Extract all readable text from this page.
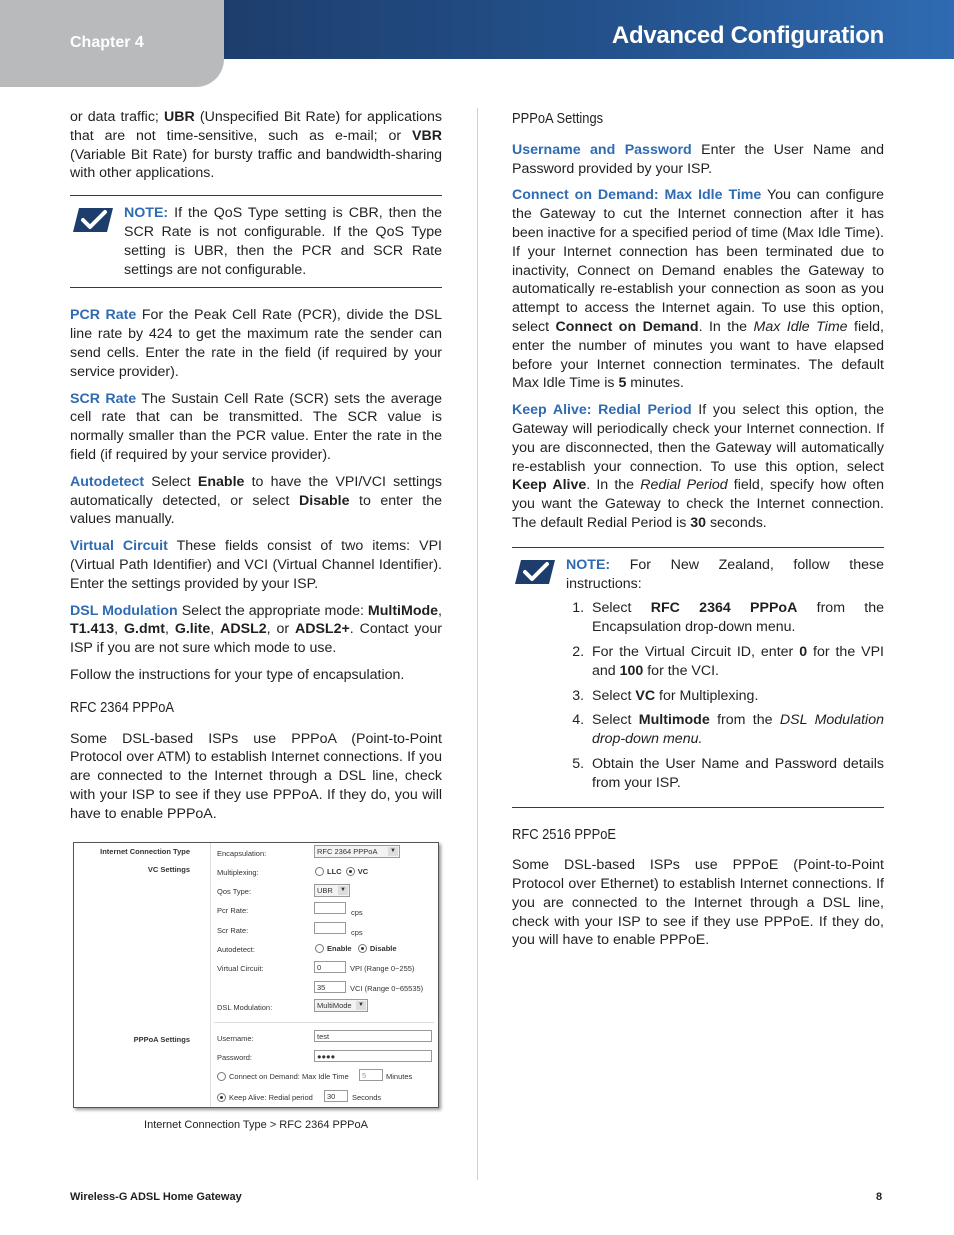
Chapter 4	Advanced Configuration

or data traffic; UBR (Unspecified Bit Rate) for applications that are not time-sensitive, such as e-mail; or VBR (Variable Bit Rate) for bursty traffic and bandwidth-sharing with other applications.

NOTE: If the QoS Type setting is CBR, then the SCR Rate is not configurable. If the QoS Type setting is UBR, then the PCR and SCR Rate settings are not configurable.

PCR Rate For the Peak Cell Rate (PCR), divide the DSL line rate by 424 to get the maximum rate the sender can send cells. Enter the rate in the field (if required by your service provider).

SCR Rate The Sustain Cell Rate (SCR) sets the average cell rate that can be transmitted. The SCR value is normally smaller than the PCR value. Enter the rate in the field (if required by your service provider).

Autodetect Select Enable to have the VPI/VCI settings automatically detected, or select Disable to enter the values manually.

Virtual Circuit These fields consist of two items: VPI (Virtual Path Identifier) and VCI (Virtual Channel Identifier). Enter the settings provided by your ISP.

DSL Modulation Select the appropriate mode: MultiMode, T1.413, G.dmt, G.lite, ADSL2, or ADSL2+. Contact your ISP if you are not sure which mode to use.

Follow the instructions for your type of encapsulation.

RFC 2364 PPPoA

Some DSL-based ISPs use PPPoA (Point-to-Point Protocol over ATM) to establish Internet connections. If you are connected to the Internet through a DSL line, check with your ISP to see if they use PPPoA. If they do, you will have to enable PPPoA.

Internet Connection Type
VC Settings
Encapsulation:	RFC 2364 PPPoA	▼
Multiplexing:	LLC VC
Qos Type:	UBR	▼
Pcr Rate:	cps
Scr Rate:	cps
Autodetect:	Enable Disable
Virtual Circuit:	0	VPI (Range 0~255)
35	VCI (Range 0~65535)
DSL Modulation:	MultiMode	▼
PPPoA Settings	Username:	test
Password:	●●●●
Connect on Demand: Max Idle Time	5	Minutes
Keep Alive: Redial period	30	Seconds
Internet Connection Type > RFC 2364 PPPoA
PPPoA Settings

Username and Password Enter the User Name and Password provided by your ISP.

Connect on Demand: Max Idle Time You can configure the Gateway to cut the Internet connection after it has been inactive for a specified period of time (Max Idle Time). If your Internet connection has been terminated due to inactivity, Connect on Demand enables the Gateway to automatically re-establish your connection as soon as you attempt to access the Internet again. To use this option, select Connect on Demand. In the Max Idle Time field, enter the number of minutes you want to have elapsed before your Internet connection terminates. The default Max Idle Time is 5 minutes.

Keep Alive: Redial Period If you select this option, the Gateway will periodically check your Internet connection. If you are disconnected, then the Gateway will automatically re-establish your connection. To use this option, select Keep Alive. In the Redial Period field, specify how often you want the Gateway to check the Internet connection. The default Redial Period is 30 seconds.

NOTE: For New Zealand, follow these instructions:

1. Select RFC 2364 PPPoA from the Encapsulation drop-down menu.
2. For the Virtual Circuit ID, enter 0 for the VPI and 100 for the VCI.
3. Select VC for Multiplexing.
4. Select Multimode from the DSL Modulation drop-down menu.
5. Obtain the User Name and Password details from your ISP.
RFC 2516 PPPoE

Some DSL-based ISPs use PPPoE (Point-to-Point Protocol over Ethernet) to establish Internet connections. If you are connected to the Internet through a DSL line, check with your ISP to see if they use PPPoE. If they do, you will have to enable PPPoE.

Wireless-G ADSL Home Gateway	8
